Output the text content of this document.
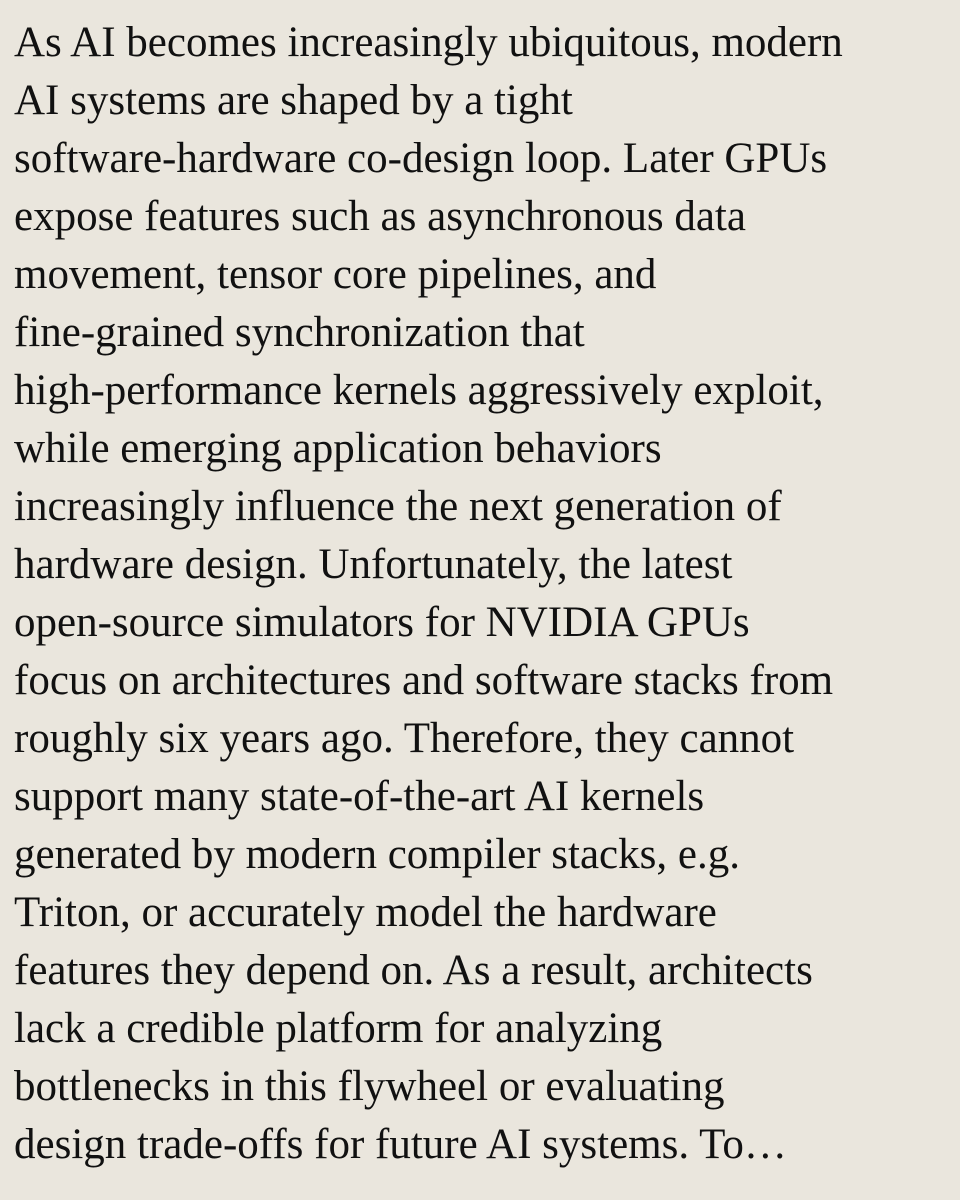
As AI becomes increasingly ubiquitous, modern
AI systems are shaped by a tight
software-hardware co-design loop. Later GPUs
expose features such as asynchronous data
movement, tensor core pipelines, and
fine-grained synchronization that
high-performance kernels aggressively exploit,
while emerging application behaviors
increasingly influence the next generation of
hardware design. Unfortunately, the latest
open-source simulators for NVIDIA GPUs
focus on architectures and software stacks from
roughly six years ago. Therefore, they cannot
support many state-of-the-art AI kernels
generated by modern compiler stacks, e.g.
Triton, or accurately model the hardware
features they depend on. As a result, architects
lack a credible platform for analyzing
bottlenecks in this flywheel or evaluating
design trade-offs for future AI systems. To…
